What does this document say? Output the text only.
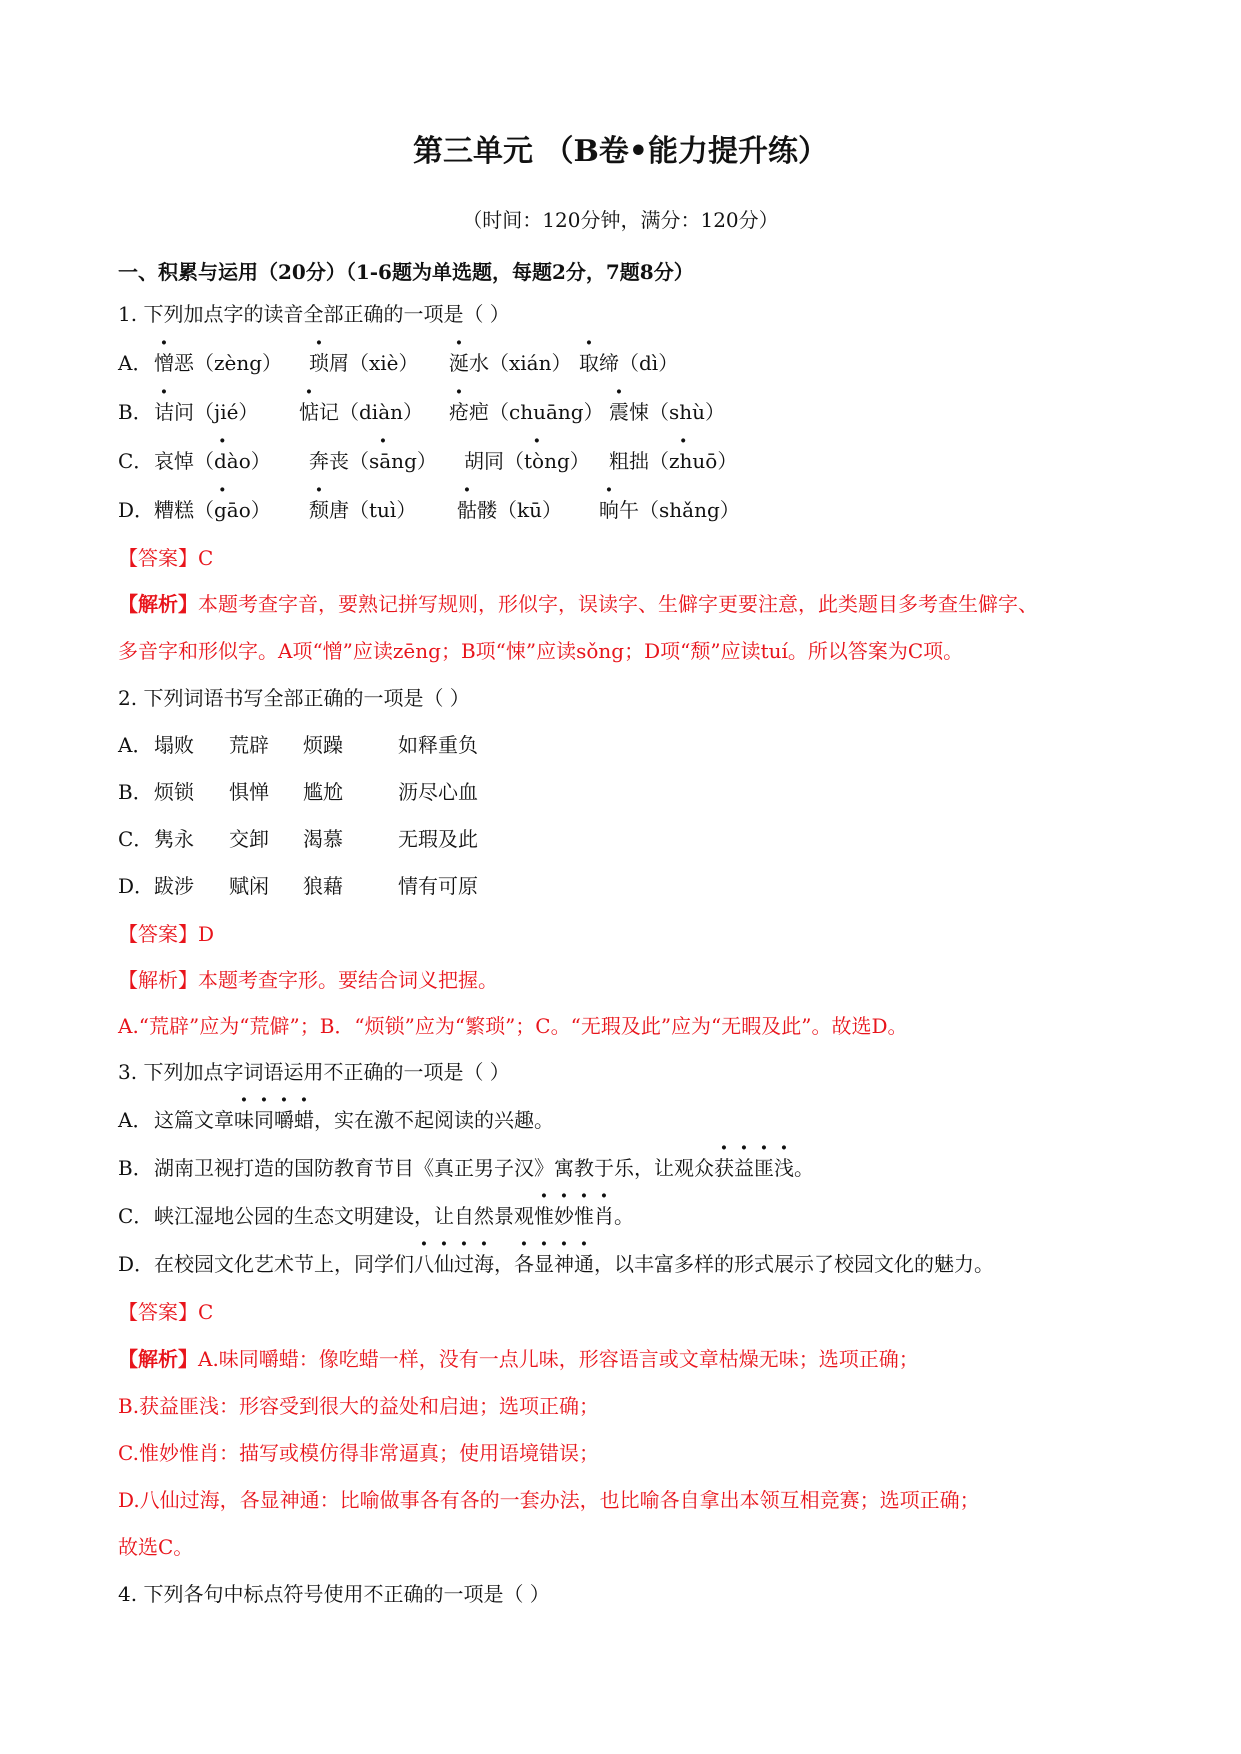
第三单元 （B卷•能力提升练）
（时间：120分钟，满分：120分）
一、积累与运用（20分）（1-6题为单选题，每题2分，7题8分）
1. 下列加点字的读音全部正确的一项是（ ）
A．憎恶（zèng） 琐屑（xiè） 涎水（xián） 取缔（dì）
B．诘问（jié） 惦记（diàn） 疮疤（chuāng） 震悚（shù）
C．哀· 悼（dào） 奔· 丧（sāng） 胡· 同（tòng） 粗· 拙（zhuō）
D．糟· 糕（gāo） 颓唐（tuì） 骷髅（kū） 晌午（shǎng）
【答案】C
【解析】本题考查字音，要熟记拼写规则，形似字，误读字、生僻字更要注意，此类题目多考查生僻字、
多音字和形似字。A项“憎”应读zēng；B项“悚”应读sǒng；D项“颓”应读tuí。所以答案为C项。
2. 下列词语书写全部正确的一项是（ ）
A．塌败 荒辟 烦躁	如释重负
B．烦锁 惧惮 尴尬	沥尽心血
C．隽永 交卸 渴慕	无瑕及此
D．跋涉 赋闲 狼藉	情有可原
【答案】D
【解析】本题考查字形。要结合词义把握。
A.“荒辟”应为“荒僻”；B．“烦锁”应为“繁琐”；C。“无瑕及此”应为“无暇及此”。故选D。
3. 下列加点字词语运用不正确的一项是（ ）
A．这篇文章味同嚼蜡，实在激不起阅读的兴趣。
B．湖南卫视打造的国防教育节目《真正男子汉》寓教于乐，让观众获益匪浅。
C．峡江湿地公园的生态文明建设，让自然景观惟妙惟肖。
D．在校园文化艺术节上，同学们八仙过海，各显神通，以丰富多样的形式展示了校园文化的魅力。
【答案】C
【解析】A.味同嚼蜡：像吃蜡一样，没有一点儿味，形容语言或文章枯燥无味；选项正确；
B.获益匪浅：形容受到很大的益处和启迪；选项正确；
C.惟妙惟肖：描写或模仿得非常逼真；使用语境错误；
D.八仙过海，各显神通：比喻做事各有各的一套办法，也比喻各自拿出本领互相竞赛；选项正确；
故选C。
4. 下列各句中标点符号使用不正确的一项是（ ）
